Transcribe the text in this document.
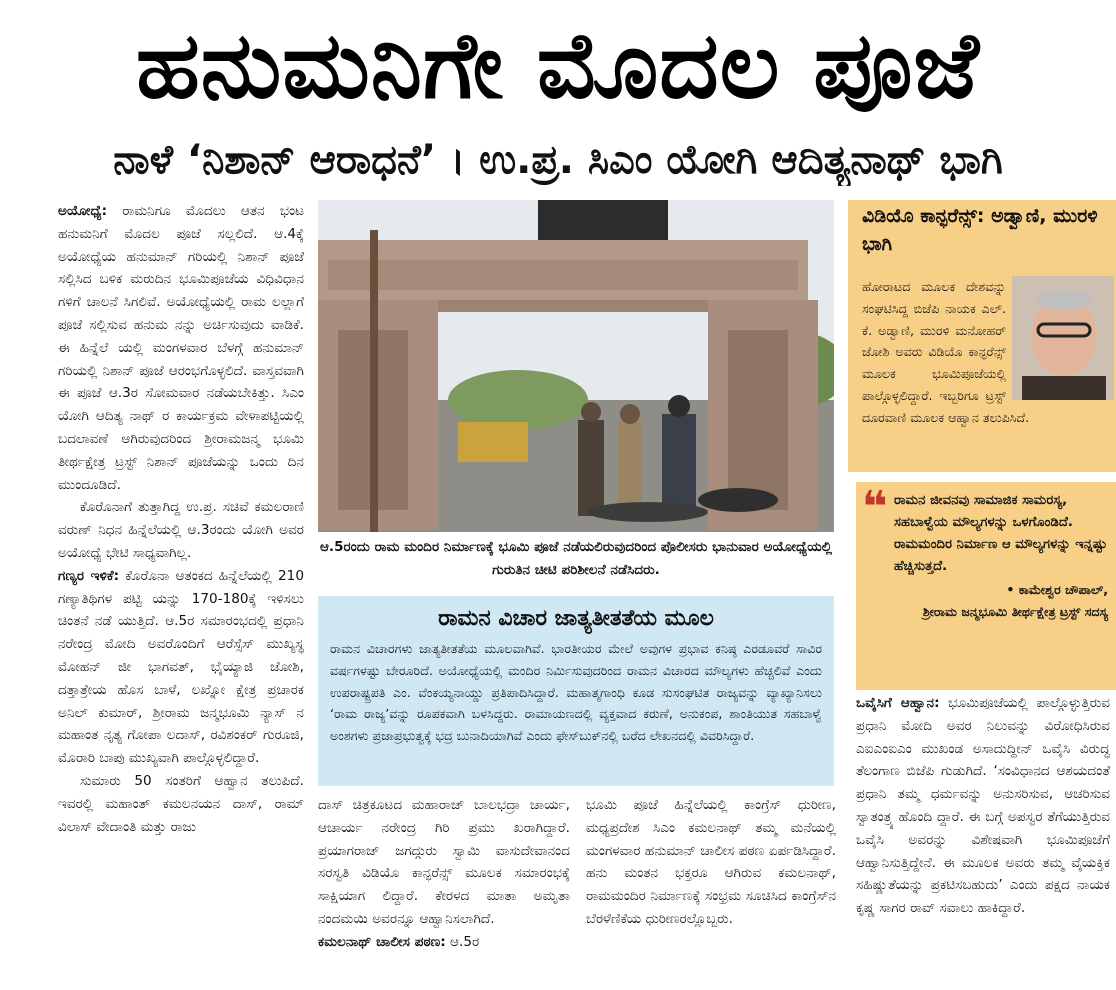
ಹನುಮನಿಗೇ ಮೊದಲ ಪೂಜೆ
ನಾಳೆ ‘ನಿಶಾನ್ ಆರಾಧನೆ’ । ಉ.ಪ್ರ. ಸಿಎಂ ಯೋಗಿ ಆದಿತ್ಯನಾಥ್ ಭಾಗಿ

ಅಯೋಧ್ಯೆ: ರಾಮನಿಗೂ ಮೊದಲು ಆತನ ಭಂಟ ಹನುಮನಿಗೆ ಮೊದಲ ಪೂಜೆ ಸಲ್ಲಲಿದೆ. ಆ.4ಕ್ಕೆ ಅಯೋಧ್ಯೆಯ ಹನುಮಾನ್ ಗರಿಯಲ್ಲಿ ನಿಶಾನ್ ಪೂಜೆ ಸಲ್ಲಿಸಿದ ಬಳಿಕ ಮರುದಿನ ಭೂಮಿಪೂಜೆಯ ವಿಧಿವಿಧಾನ ಗಳಿಗೆ ಚಾಲನೆ ಸಿಗಲಿವೆ. ಅಯೋಧ್ಯೆಯಲ್ಲಿ ರಾಮ ಲಲ್ಲಾಗೆ ಪೂಜೆ ಸಲ್ಲಿಸುವ ಹನುಮ ನನ್ನು ಅರ್ಚಿಸುವುದು ವಾಡಿಕೆ. ಈ ಹಿನ್ನೆಲೆ ಯಲ್ಲಿ ಮಂಗಳವಾರ ಬೆಳಗ್ಗೆ ಹನುಮಾನ್ ಗರಿಯಲ್ಲಿ ನಿಶಾನ್ ಪೂಜೆ ಆರಂಭಗೊಳ್ಳಲಿದೆ. ವಾಸ್ತವವಾಗಿ ಈ ಪೂಜೆ ಆ.3ರ ಸೋಮವಾರ ನಡೆಯಬೇಕಿತ್ತು. ಸಿಎಂ ಯೋಗಿ ಆದಿತ್ಯ ನಾಥ್ ರ ಕಾರ್ಯಕ್ರಮ ವೇಳಾಪಟ್ಟಿಯಲ್ಲಿ ಬದಲಾವಣೆ ಆಗಿರುವುದರಿಂದ ಶ್ರೀರಾಮಜನ್ಮ ಭೂಮಿ ತೀರ್ಥಕ್ಷೇತ್ರ ಟ್ರಸ್ಟ್ ನಿಶಾನ್ ಪೂಜೆಯನ್ನು ಒಂದು ದಿನ ಮುಂದೂಡಿದೆ.

ಕೊರೊನಾಗೆ ತುತ್ತಾಗಿದ್ದ ಉ.ಪ್ರ. ಸಚಿವೆ ಕಮಲರಾಣಿ ವರುಣ್ ನಿಧನ ಹಿನ್ನೆಲೆಯಲ್ಲಿ ಆ.3ರಂದು ಯೋಗಿ ಅವರ ಅಯೋಧ್ಯೆ ಭೇಟಿ ಸಾಧ್ಯವಾಗಿಲ್ಲ.

ಗಣ್ಯರ ಇಳಿಕೆ: ಕೊರೊನಾ ಆತಂಕದ ಹಿನ್ನೆಲೆಯಲ್ಲಿ 210 ಗಣ್ಯಾತಿಥಿಗಳ ಪಟ್ಟಿ ಯನ್ನು 170-180ಕ್ಕೆ ಇಳಿಸಲು ಚಿಂತನೆ ನಡೆ ಯುತ್ತಿದೆ. ಆ.5ರ ಸಮಾರಂಭದಲ್ಲಿ ಪ್ರಧಾನಿ ನರೇಂದ್ರ ಮೋದಿ ಅವರೊಂದಿಗೆ ಆರೆಸ್ಸೆಸ್ ಮುಖ್ಯಸ್ಥ ಮೋಹನ್ ಜೀ ಭಾಗವತ್, ಭೈಯ್ಯಾಜಿ ಜೋಶಿ, ದತ್ತಾತ್ರೇಯ ಹೊಸ ಬಾಳೆ, ಲಖ್ನೋ ಕ್ಷೇತ್ರ ಪ್ರಚಾರಕ ಅನಿಲ್ ಕುಮಾರ್, ಶ್ರೀರಾಮ ಜನ್ಮಭೂಮಿ ನ್ಯಾಸ್ ನ ಮಹಾಂತ ನೃತ್ಯ ಗೋಪಾ ಲದಾಸ್, ರವಿಶಂಕರ್ ಗುರೂಜಿ, ಮೊರಾರಿ ಬಾಪು ಮುಖ್ಯವಾಗಿ ಪಾಲ್ಗೊಳ್ಳಲಿದ್ದಾರೆ.

ಸುಮಾರು 50 ಸಂತರಿಗೆ ಆಹ್ವಾನ ತಲುಪಿದೆ. ಇವರಲ್ಲಿ ಮಹಾಂತ್ ಕಮಲನಯನ ದಾಸ್, ರಾಮ್ ವಿಲಾಸ್ ವೇದಾಂತಿ ಮತ್ತು ರಾಜು

ಆ.5ರಂದು ರಾಮ ಮಂದಿರ ನಿರ್ಮಾಣಕ್ಕೆ ಭೂಮಿ ಪೂಜೆ ನಡೆಯಲಿರುವುದರಿಂದ ಪೊಲೀಸರು ಭಾನುವಾರ ಅಯೋಧ್ಯೆಯಲ್ಲಿ ಗುರುತಿನ ಚೀಟಿ ಪರಿಶೀಲನೆ ನಡೆಸಿದರು.
ರಾಮನ ವಿಚಾರ ಜಾತ್ಯತೀತತೆಯ ಮೂಲ
ರಾಮನ ವಿಚಾರಗಳು ಜಾತ್ಯತೀತತೆಯ ಮೂಲವಾಗಿವೆ. ಭಾರತೀಯರ ಮೇಲೆ ಅವುಗಳ ಪ್ರಭಾವ ಕನಿಷ್ಠ ಎರಡೂವರೆ ಸಾವಿರ ವರ್ಷಗಳಷ್ಟು ಬೇರೂರಿದೆ. ಅಯೋಧ್ಯೆಯಲ್ಲಿ ಮಂದಿರ ನಿರ್ಮಿಸುವುದರಿಂದ ರಾಮನ ವಿಚಾರದ ಮೌಲ್ಯಗಳು ಹೆಚ್ಚಲಿವೆ ಎಂದು ಉಪರಾಷ್ಟ್ರಪತಿ ಎಂ. ವೆಂಕಯ್ಯನಾಯ್ಡು ಪ್ರತಿಪಾದಿಸಿದ್ದಾರೆ. ಮಹಾತ್ಮಗಾಂಧಿ ಕೂಡ ಸುಸಂಘಟಿತ ರಾಜ್ಯವನ್ನು ವ್ಯಾಖ್ಯಾನಿಸಲು ‘ರಾಮ ರಾಜ್ಯ’ವನ್ನು ರೂಪಕವಾಗಿ ಬಳಸಿದ್ದರು. ರಾಮಾಯಣದಲ್ಲಿ ವ್ಯಕ್ತವಾದ ಕರುಣೆ, ಅನುಕಂಪ, ಶಾಂತಿಯುತ ಸಹಬಾಳ್ವೆ ಅಂಶಗಳು ಪ್ರಜಾಪ್ರಭುತ್ವಕ್ಕೆ ಭದ್ರ ಬುನಾದಿಯಾಗಿವೆ ಎಂದು ಫೇಸ್‌ಬುಕ್‌ನಲ್ಲಿ ಬರೆದ ಲೇಖನದಲ್ಲಿ ವಿವರಿಸಿದ್ದಾರೆ.

ದಾಸ್ ಚಿತ್ರಕೂಟದ ಮಹಾರಾಜ್ ಬಾಲಭದ್ರಾ ಚಾರ್ಯ, ಆಚಾರ್ಯ ನರೇಂದ್ರ ಗಿರಿ ಪ್ರಮು ಖರಾಗಿದ್ದಾರೆ. ಪ್ರಯಾಗರಾಜ್ ಜಗದ್ಗುರು ಸ್ವಾಮಿ ವಾಸುದೇವಾನಂದ ಸರಸ್ವತಿ ವಿಡಿಯೊ ಕಾನ್ಫರೆನ್ಸ್ ಮೂಲಕ ಸಮಾರಂಭಕ್ಕೆ ಸಾಕ್ಷಿಯಾಗ ಲಿದ್ದಾರೆ. ಕೇರಳದ ಮಾತಾ ಅಮೃತಾ ನಂದಮಯಿ ಅವರನ್ನೂ ಆಹ್ವಾನಿಸಲಾಗಿದೆ.

ಕಮಲನಾಥ್ ಚಾಲೀಸ ಪಠಣ: ಆ.5ರ

ಭೂಮಿ ಪೂಜೆ ಹಿನ್ನೆಲೆಯಲ್ಲಿ ಕಾಂಗ್ರೆಸ್ ಧುರೀಣ, ಮಧ್ಯಪ್ರದೇಶ ಸಿಎಂ ಕಮಲನಾಥ್ ತಮ್ಮ ಮನೆಯಲ್ಲಿ ಮಂಗಳವಾರ ಹನುಮಾನ್ ಚಾಲೀಸ ಪಠಣ ಏರ್ಪಡಿಸಿದ್ದಾರೆ. ಹನು ಮಂತನ ಭಕ್ತರೂ ಆಗಿರುವ ಕಮಲನಾಥ್, ರಾಮಮಂದಿರ ನಿರ್ಮಾಣಕ್ಕೆ ಸಂಭ್ರಮ ಸೂಚಿಸಿದ ಕಾಂಗ್ರೆಸ್‌ನ ಬೆರಳೆಣಿಕೆಯ ಧುರೀಣರಲ್ಲೊಬ್ಬರು.

ವಿಡಿಯೊ ಕಾನ್ಫರೆನ್ಸ್: ಅಡ್ವಾಣಿ, ಮುರಳಿ ಭಾಗಿ
ಹೋರಾಟದ ಮೂಲಕ ದೇಶವನ್ನು ಸಂಘಟಿಸಿದ್ದ ಬಿಜೆಪಿ ನಾಯಕ ಎಲ್. ಕೆ. ಅಡ್ವಾಣಿ, ಮುರಳಿ ಮನೋಹರ್ ಜೋಶಿ ಅವರು ವಿಡಿಯೊ ಕಾನ್ಫರೆನ್ಸ್ ಮೂಲಕ ಭೂಮಿಪೂಜೆಯಲ್ಲಿ ಪಾಲ್ಗೊಳ್ಳಲಿದ್ದಾರೆ. ಇಬ್ಬರಿಗೂ ಟ್ರಸ್ಟ್ ದೂರವಾಣಿ ಮೂಲಕ ಆಹ್ವಾನ ತಲುಪಿಸಿದೆ.
❝ ರಾಮನ ಜೀವನವು ಸಾಮಾಜಿಕ ಸಾಮರಸ್ಯ, ಸಹಬಾಳ್ವೆಯ ಮೌಲ್ಯಗಳನ್ನು ಒಳಗೊಂಡಿದೆ. ರಾಮಮಂದಿರ ನಿರ್ಮಾಣ ಆ ಮೌಲ್ಯಗಳನ್ನು ಇನ್ನಷ್ಟು ಹೆಚ್ಚಿಸುತ್ತದೆ.
• ಕಾಮೇಶ್ವರ ಚೌಪಾಲ್,
ಶ್ರೀರಾಮ ಜನ್ಮಭೂಮಿ ತೀರ್ಥಕ್ಷೇತ್ರ ಟ್ರಸ್ಟ್ ಸದಸ್ಯ

ಒವೈಸಿಗೆ ಆಹ್ವಾನ: ಭೂಮಿಪೂಜೆಯಲ್ಲಿ ಪಾಲ್ಗೊಳ್ಳುತ್ತಿರುವ ಪ್ರಧಾನಿ ಮೋದಿ ಅವರ ನಿಲುವನ್ನು ವಿರೋಧಿಸಿರುವ ಎಐಎಂಐಎಂ ಮುಖಂಡ ಅಸಾದುದ್ದೀನ್ ಒವೈಸಿ ವಿರುದ್ಧ ತೆಲಂಗಾಣ ಬಿಜೆಪಿ ಗುಡುಗಿದೆ. ‘ಸಂವಿಧಾನದ ಆಶಯದಂತೆ ಪ್ರಧಾನಿ ತಮ್ಮ ಧರ್ಮವನ್ನು ಅನುಸರಿಸುವ, ಆಚರಿಸುವ ಸ್ವಾತಂತ್ರ್ಯ ಹೊಂದಿ ದ್ದಾರೆ. ಈ ಬಗ್ಗೆ ಅಪಸ್ವರ ತೆಗೆಯುತ್ತಿರುವ ಒವೈಸಿ ಅವರನ್ನು ವಿಶೇಷವಾಗಿ ಭೂಮಿಪೂಜೆಗೆ ಆಹ್ವಾನಿಸುತ್ತಿದ್ದೇನೆ. ಈ ಮೂಲಕ ಅವರು ತಮ್ಮ ವೈಯಕ್ತಿಕ ಸಹಿಷ್ಣುತೆಯನ್ನು ಪ್ರಕಟಿಸಬಹುದು’ ಎಂದು ಪಕ್ಷದ ನಾಯಕ ಕೃಷ್ಣ ಸಾಗರ ರಾವ್ ಸವಾಲು ಹಾಕಿದ್ದಾರೆ.
